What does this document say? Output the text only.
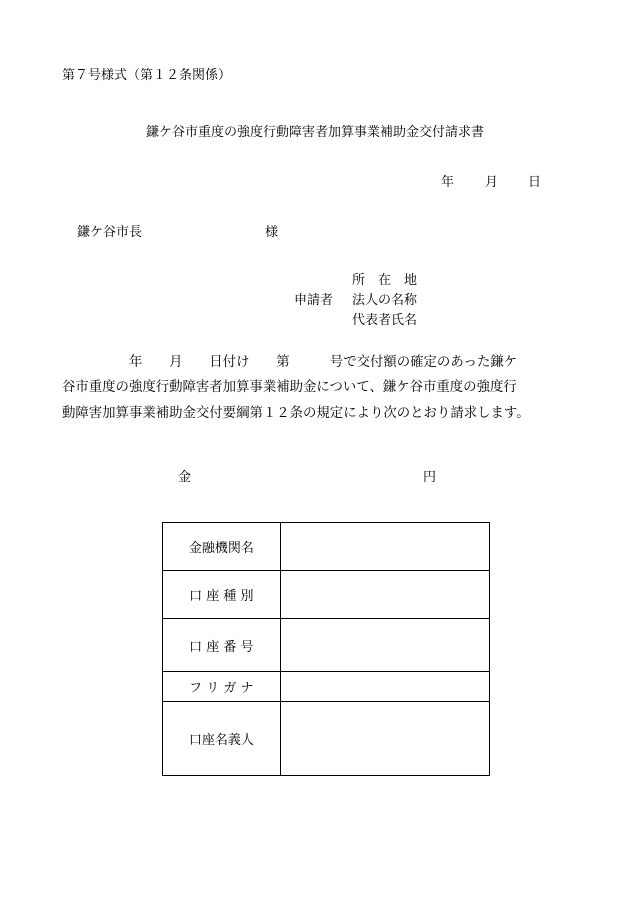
第７号様式（第１２条関係）
鎌ケ谷市重度の強度行動障害者加算事業補助金交付請求書
年 月 日
鎌ケ谷市長	様
所　在　地
申請者 法人の名称
代表者氏名
　　　　　年　　月　　日付け　　第　　　号で交付額の確定のあった鎌ケ
谷市重度の強度行動障害者加算事業補助金について、鎌ケ谷市重度の強度行
動障害加算事業補助金交付要綱第１２条の規定により次のとおり請求します。
金	円
金融機関名	
口 座 種 別	
口 座 番 号	
フ リ ガ ナ	
口座名義人	
